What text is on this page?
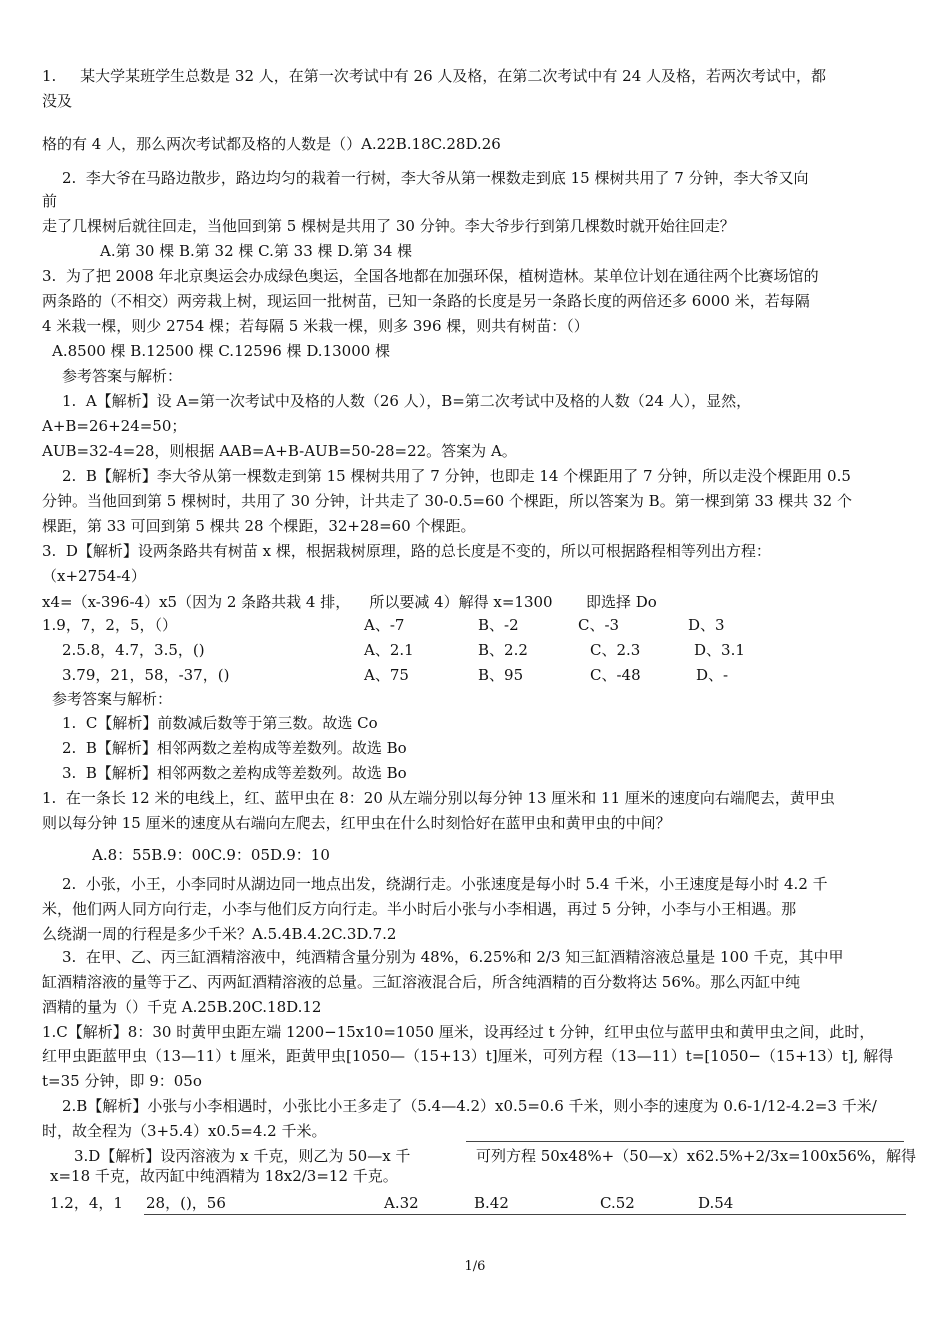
1.     某大学某班学生总数是 32 人，在第一次考试中有 26 人及格，在第二次考试中有 24 人及格，若两次考试中，都
没及
格的有 4 人，那么两次考试都及格的人数是（）A.22B.18C.28D.26
2.  李大爷在马路边散步，路边均匀的栽着一行树，李大爷从第一棵数走到底 15 棵树共用了 7 分钟，李大爷又向
前
走了几棵树后就往回走，当他回到第 5 棵树是共用了 30 分钟。李大爷步行到第几棵数时就开始往回走？
A.第 30 棵 B.第 32 棵 C.第 33 棵 D.第 34 棵
3.  为了把 2008 年北京奥运会办成绿色奥运，全国各地都在加强环保，植树造林。某单位计划在通往两个比赛场馆的
两条路的（不相交）两旁栽上树，现运回一批树苗，已知一条路的长度是另一条路长度的两倍还多 6000 米，若每隔
4 米栽一棵，则少 2754 棵；若每隔 5 米栽一棵，则多 396 棵，则共有树苗：（）
A.8500 棵 B.12500 棵 C.12596 棵 D.13000 棵
参考答案与解析：
1.  A【解析】设 A=第一次考试中及格的人数（26 人），B=第二次考试中及格的人数（24 人），显然，
A+B=26+24=50；
AUB=32-4=28，则根据 AAB=A+B-AUB=50-28=22。答案为 A。
2.  B【解析】李大爷从第一棵数走到第 15 棵树共用了 7 分钟，也即走 14 个棵距用了 7 分钟，所以走没个棵距用 0.5
分钟。当他回到第 5 棵树时，共用了 30 分钟，计共走了 30-0.5=60 个棵距，所以答案为 B。第一棵到第 33 棵共 32 个
棵距，第 33 可回到第 5 棵共 28 个棵距，32+28=60 个棵距。
3.  D【解析】设两条路共有树苗 x 棵，根据栽树原理，路的总长度是不变的，所以可根据路程相等列出方程：
（x+2754-4）
x4=（x-396-4）x5（因为 2 条路共栽 4 排，    所以要减 4）解得 x=1300       即选择 Do
1.9，7，2，5，（）	A、-7	B、-2	C、-3	D、3
2.5.8，4.7，3.5，()	A、2.1	B、2.2	C、2.3	D、3.1
3.79，21，58，-37，()	A、75	B、95	C、-48	D、-
参考答案与解析：
1.  C【解析】前数减后数等于第三数。故选 Co
2.  B【解析】相邻两数之差构成等差数列。故选 Bo
3.  B【解析】相邻两数之差构成等差数列。故选 Bo
1.  在一条长 12 米的电线上，红、蓝甲虫在 8：20 从左端分别以每分钟 13 厘米和 11 厘米的速度向右端爬去，黄甲虫
则以每分钟 15 厘米的速度从右端向左爬去，红甲虫在什么时刻恰好在蓝甲虫和黄甲虫的中间？
A.8：55B.9：00C.9：05D.9：10
2.  小张，小王，小李同时从湖边同一地点出发，绕湖行走。小张速度是每小时 5.4 千米，小王速度是每小时 4.2 千
米，他们两人同方向行走，小李与他们反方向行走。半小时后小张与小李相遇，再过 5 分钟，小李与小王相遇。那
么绕湖一周的行程是多少千米？A.5.4B.4.2C.3D.7.2
3.  在甲、乙、丙三缸酒精溶液中，纯酒精含量分别为 48%，6.25%和 2/3 知三缸酒精溶液总量是 100 千克，其中甲
缸酒精溶液的量等于乙、丙两缸酒精溶液的总量。三缸溶液混合后，所含纯酒精的百分数将达 56%。那么丙缸中纯
酒精的量为（）千克 A.25B.20C.18D.12
1.C【解析】8：30 时黄甲虫距左端 1200−15x10=1050 厘米，设再经过 t 分钟，红甲虫位与蓝甲虫和黄甲虫之间，此时，
红甲虫距蓝甲虫（13—11）t 厘米，距黄甲虫[1050—（15+13）t]厘米，可列方程（13—11）t=[1050−（15+13）t], 解得
t=35 分钟，即 9：05o
2.B【解析】小张与小李相遇时，小张比小王多走了（5.4—4.2）x0.5=0.6 千米，则小李的速度为 0.6-1/12-4.2=3 千米/
时，故全程为（3+5.4）x0.5=4.2 千米。
3.D【解析】设丙溶液为 x 千克，则乙为 50—x 千	可列方程 50x48%+（50—x）x62.5%+2/3x=100x56%，解得
x=18 千克，故丙缸中纯酒精为 18x2/3=12 千克。
1.2，4，1 28，()，56	A.32	B.42	C.52	D.54
1/6
